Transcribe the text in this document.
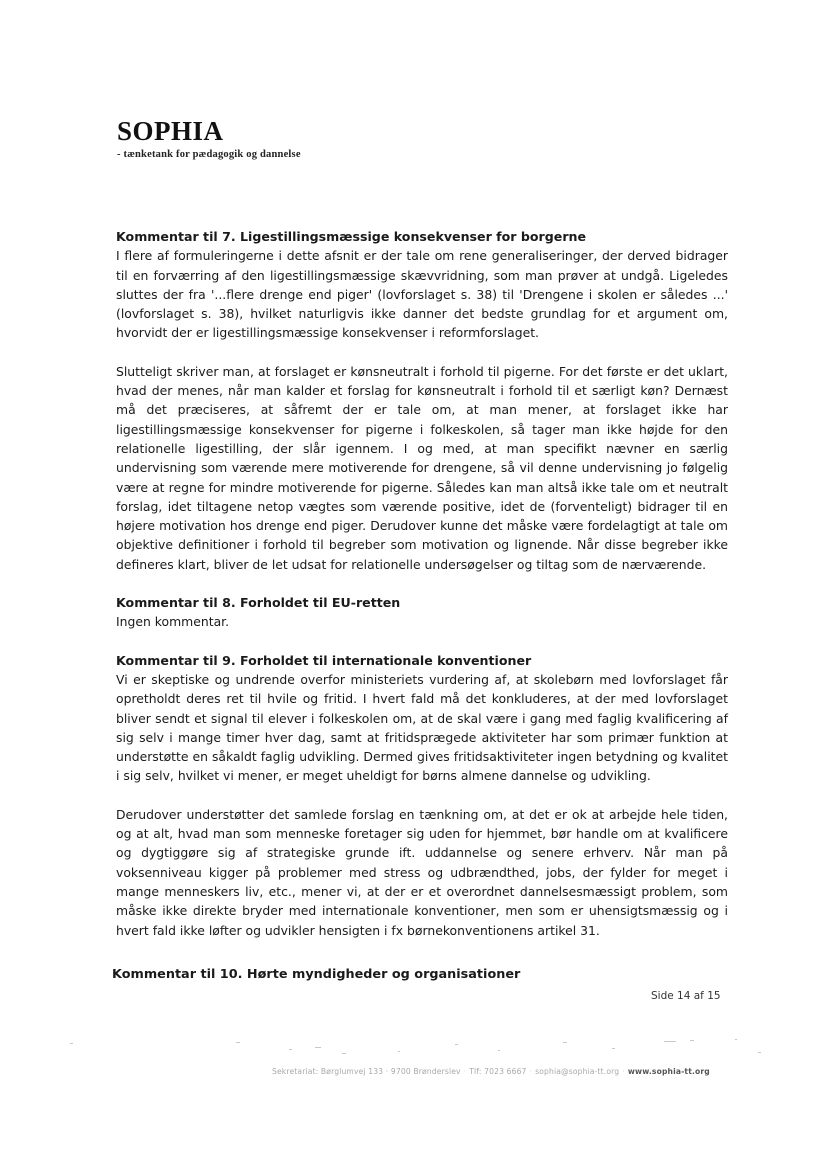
SOPHIA
- tænketank for pædagogik og dannelse
Kommentar til 7. Ligestillingsmæssige konsekvenser for borgerne

I flere af formuleringerne i dette afsnit er der tale om rene generaliseringer, der derved bidrager til en forværring af den ligestillingsmæssige skævvridning, som man prøver at undgå. Ligeledes sluttes der fra '...flere drenge end piger' (lovforslaget s. 38) til 'Drengene i skolen er således ...' (lovforslaget s. 38), hvilket naturligvis ikke danner det bedste grundlag for et argument om, hvorvidt der er ligestillingsmæssige konsekvenser i reformforslaget.

Slutteligt skriver man, at forslaget er kønsneutralt i forhold til pigerne. For det første er det uklart, hvad der menes, når man kalder et forslag for kønsneutralt i forhold til et særligt køn? Dernæst må det præciseres, at såfremt der er tale om, at man mener, at forslaget ikke har ligestillingsmæssige konsekvenser for pigerne i folkeskolen, så tager man ikke højde for den relationelle ligestilling, der slår igennem. I og med, at man specifikt nævner en særlig undervisning som værende mere motiverende for drengene, så vil denne undervisning jo følgelig være at regne for mindre motiverende for pigerne. Således kan man altså ikke tale om et neutralt forslag, idet tiltagene netop vægtes som værende positive, idet de (forventeligt) bidrager til en højere motivation hos drenge end piger. Derudover kunne det måske være fordelagtigt at tale om objektive definitioner i forhold til begreber som motivation og lignende. Når disse begreber ikke defineres klart, bliver de let udsat for relationelle undersøgelser og tiltag som de nærværende.

Kommentar til 8. Forholdet til EU-retten

Ingen kommentar.

Kommentar til 9. Forholdet til internationale konventioner

Vi er skeptiske og undrende overfor ministeriets vurdering af, at skolebørn med lovforslaget får opretholdt deres ret til hvile og fritid. I hvert fald må det konkluderes, at der med lovforslaget bliver sendt et signal til elever i folkeskolen om, at de skal være i gang med faglig kvalificering af sig selv i mange timer hver dag, samt at fritidsprægede aktiviteter har som primær funktion at understøtte en såkaldt faglig udvikling. Dermed gives fritidsaktiviteter ingen betydning og kvalitet i sig selv, hvilket vi mener, er meget uheldigt for børns almene dannelse og udvikling.

Derudover understøtter det samlede forslag en tænkning om, at det er ok at arbejde hele tiden, og at alt, hvad man som menneske foretager sig uden for hjemmet, bør handle om at kvalificere og dygtiggøre sig af strategiske grunde ift. uddannelse og senere erhverv. Når man på voksenniveau kigger på problemer med stress og udbrændthed, jobs, der fylder for meget i mange menneskers liv, etc., mener vi, at der er et overordnet dannelsesmæssigt problem, som måske ikke direkte bryder med internationale konventioner, men som er uhensigtsmæssig og i hvert fald ikke løfter og udvikler hensigten i fx børnekonventionens artikel 31.

Kommentar til 10. Hørte myndigheder og organisationer
Side 14 af 15
Sekretariat: Børglumvej 133 · 9700 Brønderslev · Tlf: 7023 6667 · sophia@sophia-tt.org · www.sophia-tt.org
